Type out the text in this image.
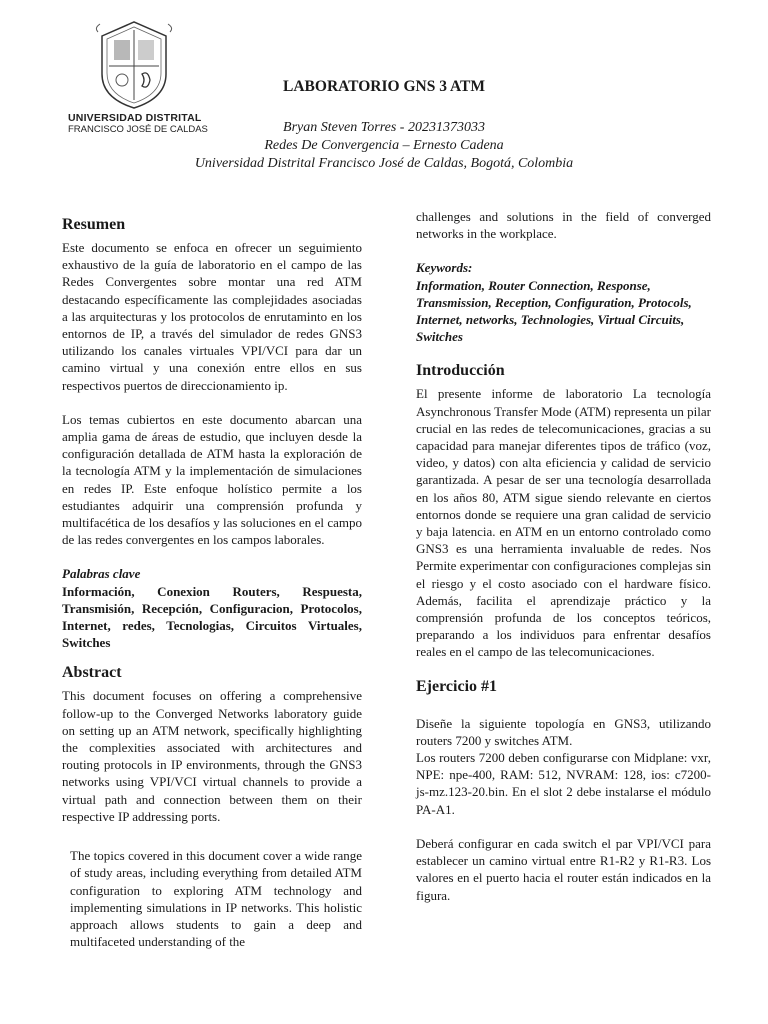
UNIVERSIDAD DISTRITAL
FRANCISCO JOSÉ DE CALDAS
LABORATORIO GNS 3 ATM
Bryan Steven Torres - 20231373033
Redes De Convergencia – Ernesto Cadena
Universidad Distrital Francisco José de Caldas, Bogotá, Colombia
Resumen

Este documento se enfoca en ofrecer un seguimiento exhaustivo de la guía de laboratorio en el campo de las Redes Convergentes sobre montar una red ATM destacando específicamente las complejidades asociadas a las arquitecturas y los protocolos de enrutaminto en los entornos de IP, a través del simulador de redes GNS3 utilizando los canales virtuales VPI/VCI para dar un camino virtual y una conexión entre ellos en sus respectivos puertos de direccionamiento ip.

Los temas cubiertos en este documento abarcan una amplia gama de áreas de estudio, que incluyen desde la configuración detallada de ATM hasta la exploración de la tecnología ATM y la implementación de simulaciones en redes IP. Este enfoque holístico permite a los estudiantes adquirir una comprensión profunda y multifacética de los desafíos y las soluciones en el campo de las redes convergentes en los campos laborales.

Palabras clave

Información, Conexion Routers, Respuesta, Transmisión, Recepción, Configuracion, Protocolos, Internet, redes, Tecnologias, Circuitos Virtuales, Switches

Abstract

This document focuses on offering a comprehensive follow-up to the Converged Networks laboratory guide on setting up an ATM network, specifically highlighting the complexities associated with architectures and routing protocols in IP environments, through the GNS3 networks using VPI/VCI virtual channels to provide a virtual path and connection between them on their respective IP addressing ports.

The topics covered in this document cover a wide range of study areas, including everything from detailed ATM configuration to exploring ATM technology and implementing simulations in IP networks. This holistic approach allows students to gain a deep and multifaceted understanding of the

challenges and solutions in the field of converged networks in the workplace.

Keywords:

Information, Router Connection, Response, Transmission, Reception, Configuration, Protocols, Internet, networks, Technologies, Virtual Circuits, Switches

Introducción

El presente informe de laboratorio La tecnología Asynchronous Transfer Mode (ATM) representa un pilar crucial en las redes de telecomunicaciones, gracias a su capacidad para manejar diferentes tipos de tráfico (voz, video, y datos) con alta eficiencia y calidad de servicio garantizada. A pesar de ser una tecnología desarrollada en los años 80, ATM sigue siendo relevante en ciertos entornos donde se requiere una gran calidad de servicio y baja latencia. en ATM en un entorno controlado como GNS3 es una herramienta invaluable de redes. Nos Permite experimentar con configuraciones complejas sin el riesgo y el costo asociado con el hardware físico. Además, facilita el aprendizaje práctico y la comprensión profunda de los conceptos teóricos, preparando a los individuos para enfrentar desafíos reales en el campo de las telecomunicaciones.

Ejercicio #1

Diseñe la siguiente topología en GNS3, utilizando routers 7200 y switches ATM.

Los routers 7200 deben configurarse con Midplane: vxr, NPE: npe-400, RAM: 512, NVRAM: 128, ios: c7200-js-mz.123-20.bin. En el slot 2 debe instalarse el módulo PA-A1.

Deberá configurar en cada switch el par VPI/VCI para establecer un camino virtual entre R1-R2 y R1-R3. Los valores en el puerto hacia el router están indicados en la figura.
